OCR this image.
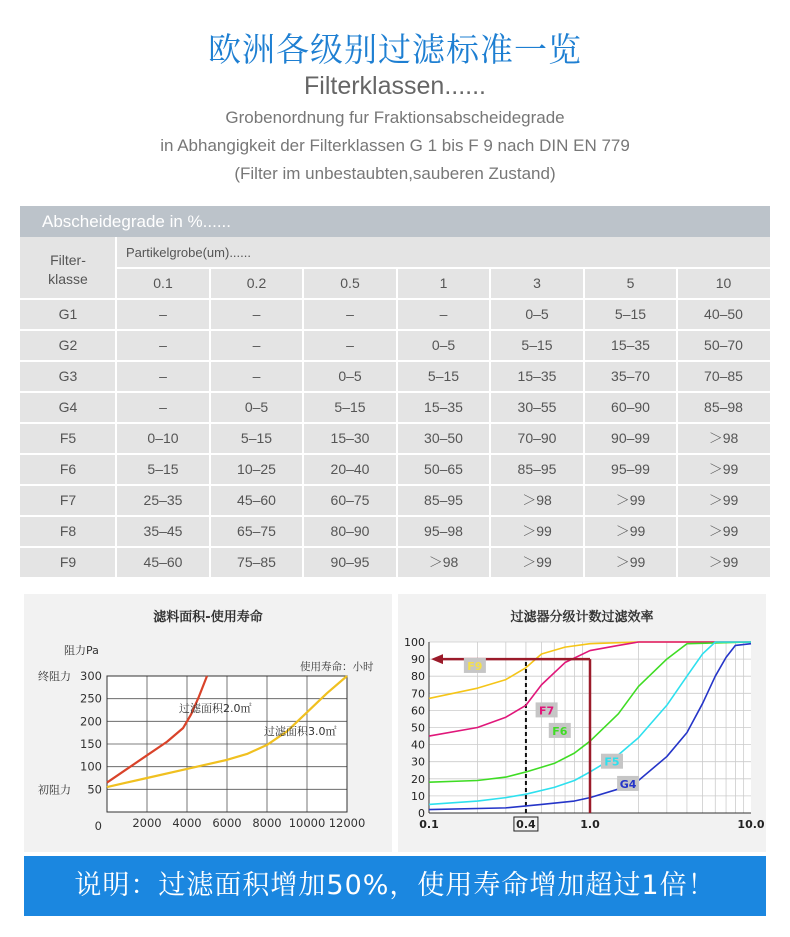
欧洲各级别过滤标准一览
Filterklassen......
Grobenordnung fur Fraktionsabscheidegrade
in Abhangigkeit der Filterklassen G 1 bis F 9 nach DIN EN 779
(Filter im unbestaubten,sauberen Zustand)
Abscheidegrade in %......
Filter-
klasse
Partikelgrobe(um)......
0.1	0.2	0.5	1	3	5	10
G1	–	–	–	–	0–5	5–15	40–50
G2	–	–	–	0–5	5–15	15–35	50–70
G3	–	–	0–5	5–15	15–35	35–70	70–85
G4	–	0–5	5–15	15–35	30–55	60–90	85–98
F5	0–10	5–15	15–30	30–50	70–90	90–99	＞98
F6	5–15	10–25	20–40	50–65	85–95	95–99	＞99
F7	25–35	45–60	60–75	85–95	＞98	＞99	＞99
F8	35–45	65–75	80–90	95–98	＞99	＞99	＞99
F9	45–60	75–85	90–95	＞98	＞99	＞99	＞99
滤料面积-使用寿命
阻力Pa
使用寿命：小时
0
50
初阻力
100
150
200
250
300
终阻力
2000 4000 6000 8000 10000 12000
过滤面积2.0㎡
过滤面积3.0㎡
过滤器分级计数过滤效率
0
10
20
30
40
50
60
70
80
90
100
0.1	0.4	1.0	10.0
F9
F7
F6
F5
G4
说明：过滤面积增加50%，使用寿命增加超过1倍！
